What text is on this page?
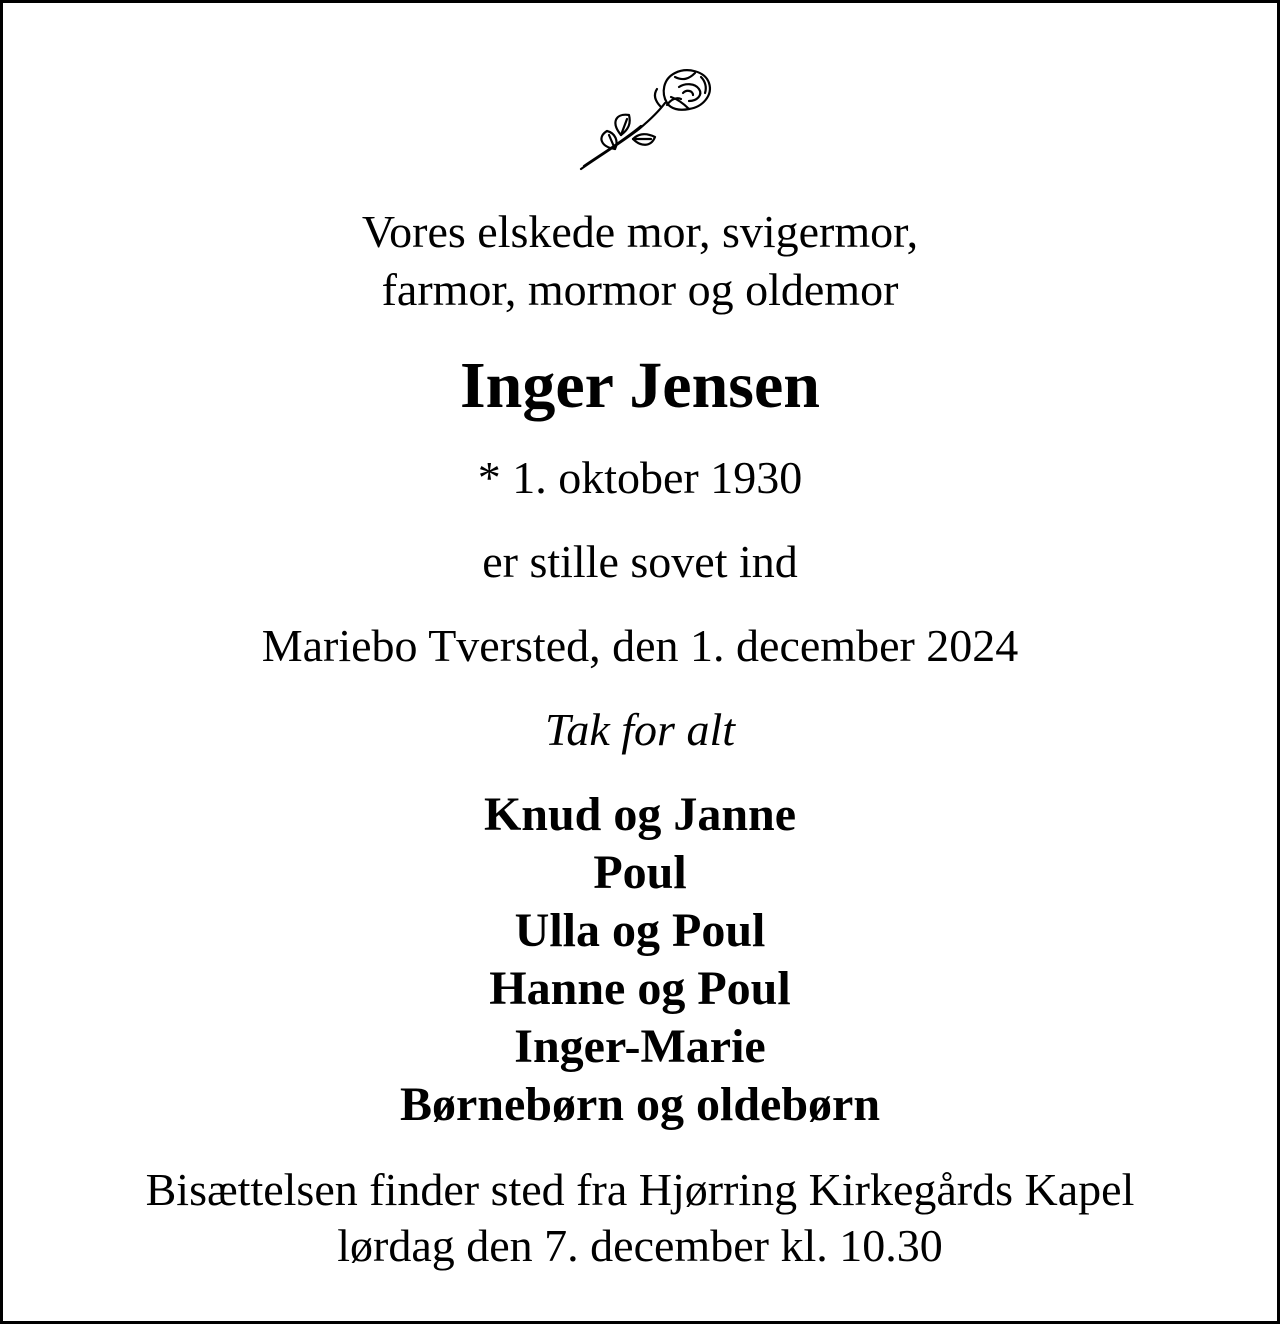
Vores elskede mor, svigermor,
farmor, mormor og oldemor
Inger Jensen
* 1. oktober 1930
er stille sovet ind
Mariebo Tversted, den 1. december 2024
Tak for alt
Knud og Janne
Poul
Ulla og Poul
Hanne og Poul
Inger-Marie
Børnebørn og oldebørn
Bisættelsen finder sted fra Hjørring Kirkegårds Kapel
lørdag den 7. december kl. 10.30
